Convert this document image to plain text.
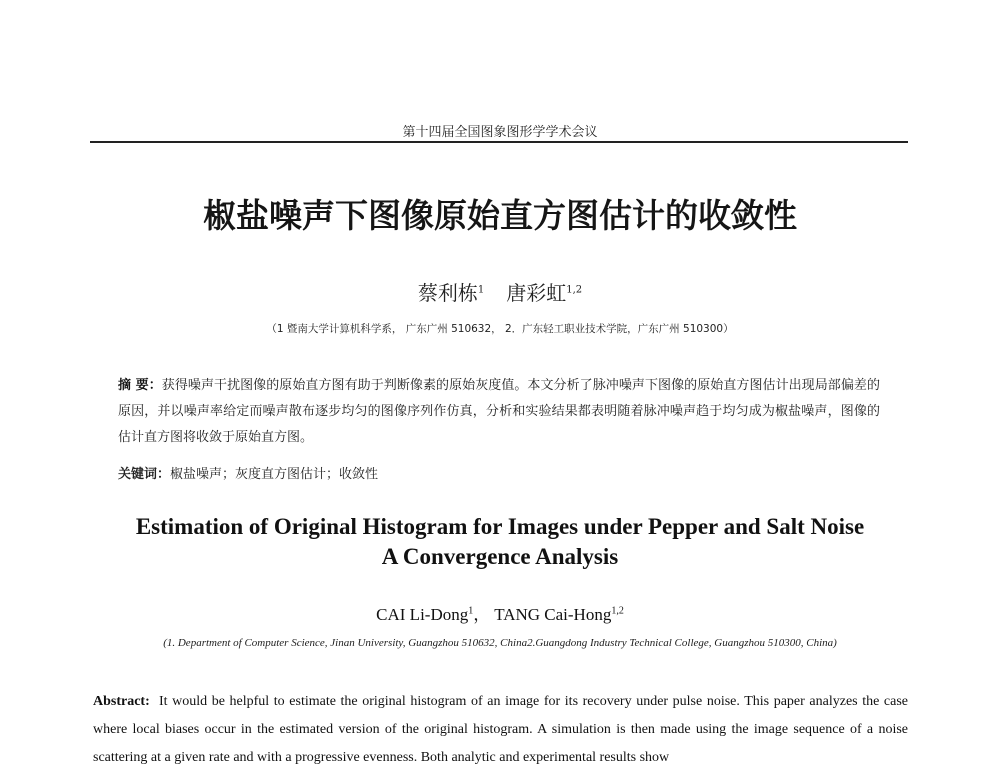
第十四届全国图象图形学学术会议
椒盐噪声下图像原始直方图估计的收敛性
蔡利栋$^1$ 唐彩虹$^{1,2}$
（1 暨南大学计算机科学系， 广东广州 510632， 2．广东轻工职业技术学院，广东广州 510300）
摘 要：获得噪声干扰图像的原始直方图有助于判断像素的原始灰度值。本文分析了脉冲噪声下图像的原始直方图估计出现局部偏差的原因，并以噪声率给定而噪声散布逐步均匀的图像序列作仿真，分析和实验结果都表明随着脉冲噪声趋于均匀成为椒盐噪声，图像的估计直方图将收敛于原始直方图。
关键词：椒盐噪声；灰度直方图估计；收敛性
Estimation of Original Histogram for Images under Pepper and Salt Noise
A Convergence Analysis
CAI Li-Dong$^1$， TANG Cai-Hong$^{1,2}$
(1. Department of Computer Science, Jinan University, Guangzhou 510632, China2.Guangdong Industry Technical College, Guangzhou 510300, China)
Abstract: It would be helpful to estimate the original histogram of an image for its recovery under pulse noise. This paper analyzes the case where local biases occur in the estimated version of the original histogram. A simulation is then made using the image sequence of a noise scattering at a given rate and with a progressive evenness. Both analytic and experimental results show
